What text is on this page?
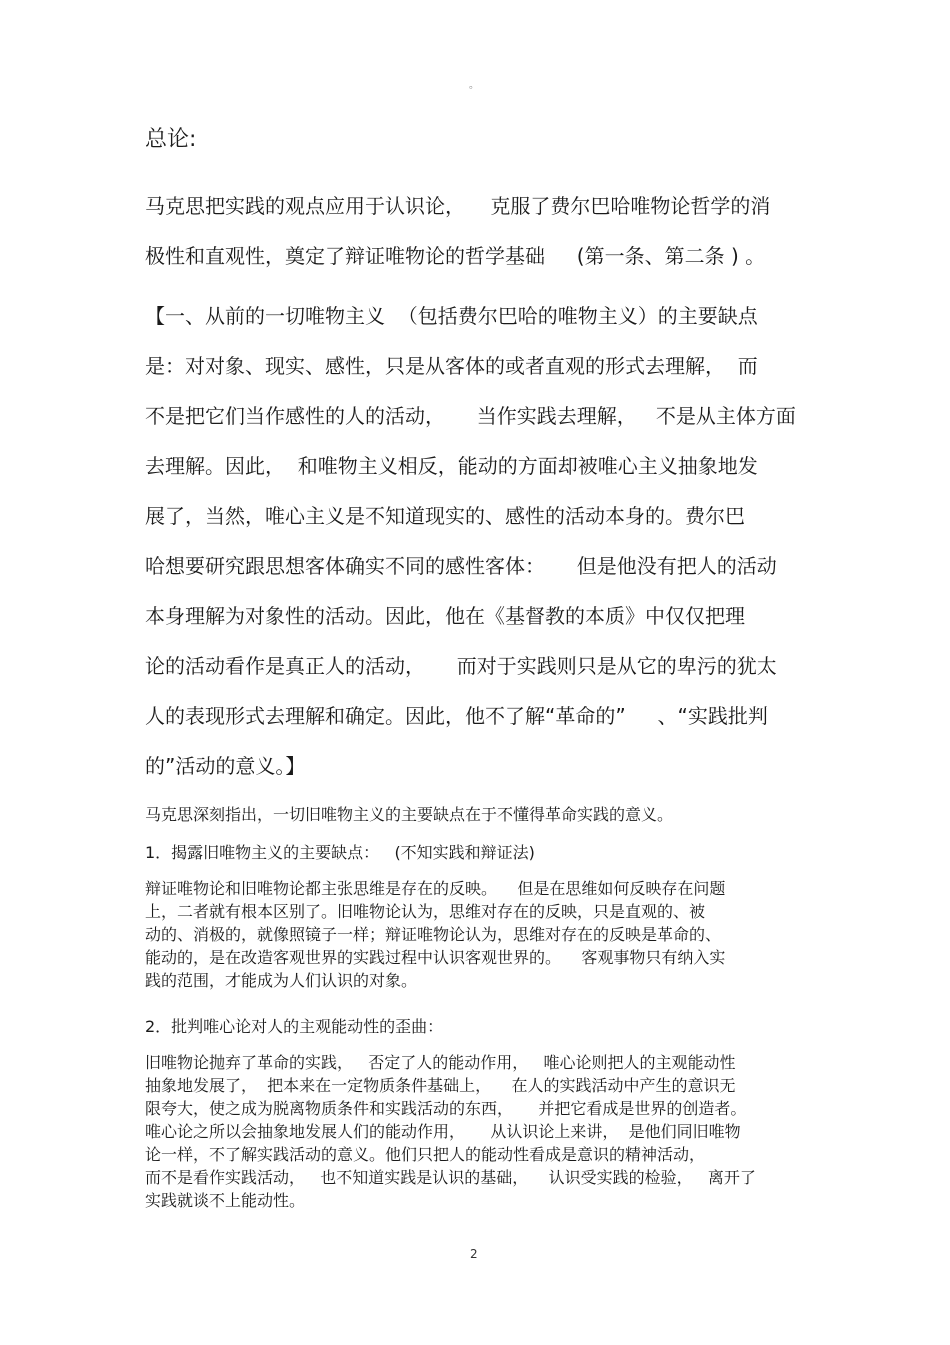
。
总论:
马克思把实践的观点应用于认识论，    克服了费尔巴哈唯物论哲学的消
极性和直观性，奠定了辩证唯物论的哲学基础     (第一条、第二条 ) 。
【一、从前的一切唯物主义  （包括费尔巴哈的唯物主义）的主要缺点
是：对对象、现实、感性，只是从客体的或者直观的形式去理解，  而
不是把它们当作感性的人的活动，     当作实践去理解，   不是从主体方面
去理解。因此，  和唯物主义相反，能动的方面却被唯心主义抽象地发
展了，当然，唯心主义是不知道现实的、感性的活动本身的。费尔巴
哈想要研究跟思想客体确实不同的感性客体：     但是他没有把人的活动
本身理解为对象性的活动。因此，他在《基督教的本质》中仅仅把理
论的活动看作是真正人的活动，     而对于实践则只是从它的卑污的犹太
人的表现形式去理解和确定。因此，他不了解“革命的”     、“实践批判
的”活动的意义。】
马克思深刻指出，一切旧唯物主义的主要缺点在于不懂得革命实践的意义。
1．揭露旧唯物主义的主要缺点：   (不知实践和辩证法)
辩证唯物论和旧唯物论都主张思维是存在的反映。    但是在思维如何反映存在问题
上，二者就有根本区别了。旧唯物论认为，思维对存在的反映，只是直观的、被
动的、消极的，就像照镜子一样；辩证唯物论认为，思维对存在的反映是革命的、
能动的，是在改造客观世界的实践过程中认识客观世界的。    客观事物只有纳入实
践的范围，才能成为人们认识的对象。
2．批判唯心论对人的主观能动性的歪曲：
旧唯物论抛弃了革命的实践，   否定了人的能动作用，   唯心论则把人的主观能动性
抽象地发展了，  把本来在一定物质条件基础上，    在人的实践活动中产生的意识无
限夸大，使之成为脱离物质条件和实践活动的东西，     并把它看成是世界的创造者。
唯心论之所以会抽象地发展人们的能动作用，     从认识论上来讲，  是他们同旧唯物
论一样，不了解实践活动的意义。他们只把人的能动性看成是意识的精神活动，
而不是看作实践活动，   也不知道实践是认识的基础，    认识受实践的检验，   离开了
实践就谈不上能动性。
2
